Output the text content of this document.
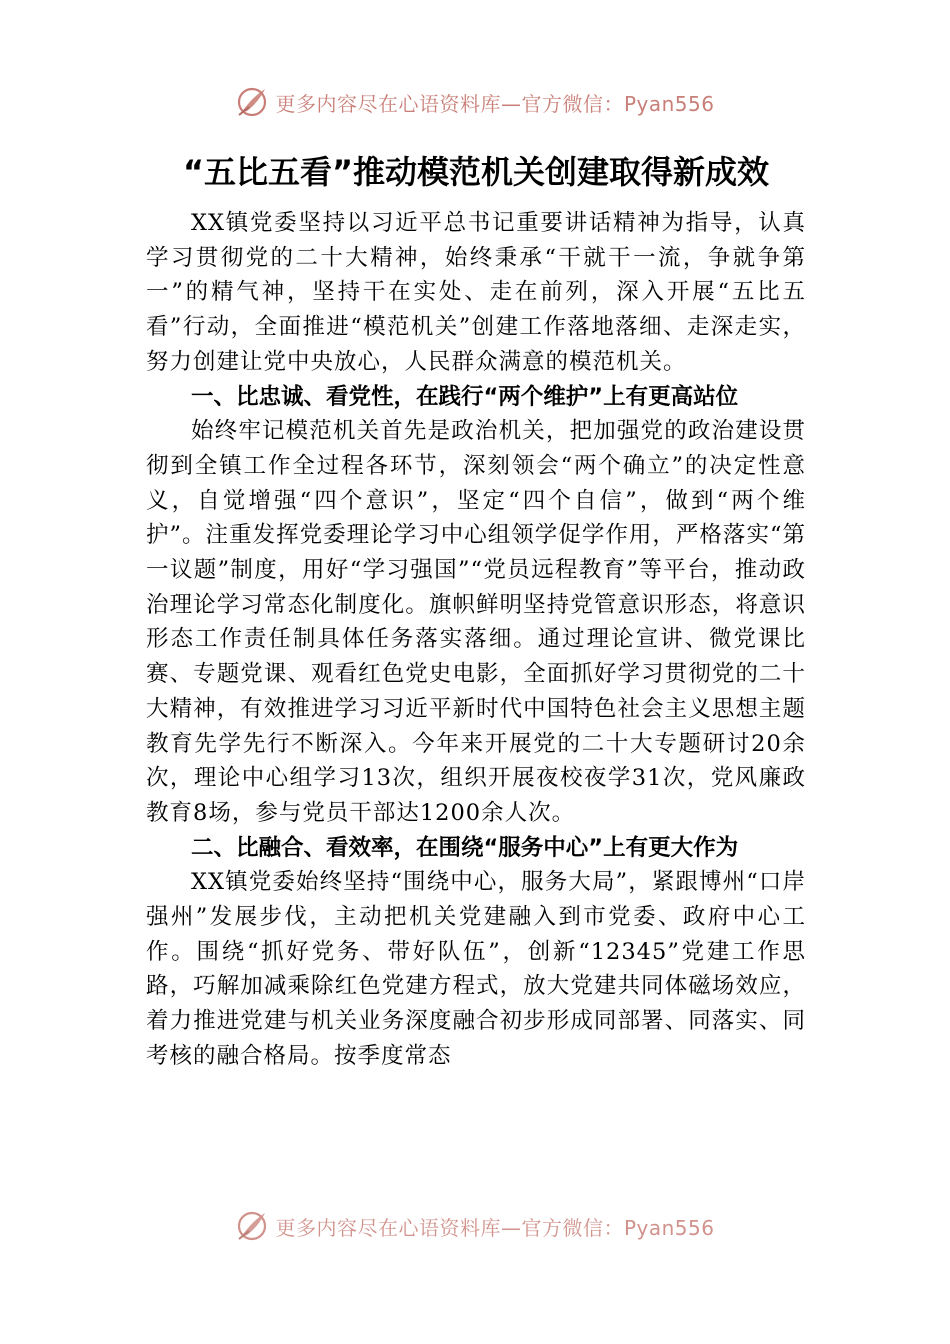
更多内容尽在心语资料库—官方微信：Pyan556
“五比五看”推动模范机关创建取得新成效

XX镇党委坚持以习近平总书记重要讲话精神为指导，认真学习贯彻党的二十大精神，始终秉承“干就干一流，争就争第一”的精气神，坚持干在实处、走在前列，深入开展“五比五看”行动，全面推进“模范机关”创建工作落地落细、走深走实，努力创建让党中央放心，人民群众满意的模范机关。

一、比忠诚、看党性，在践行“两个维护”上有更高站位

始终牢记模范机关首先是政治机关，把加强党的政治建设贯彻到全镇工作全过程各环节，深刻领会“两个确立”的决定性意义，自觉增强“四个意识”，坚定“四个自信”，做到“两个维护”。注重发挥党委理论学习中心组领学促学作用，严格落实“第一议题”制度，用好“学习强国”“党员远程教育”等平台，推动政治理论学习常态化制度化。旗帜鲜明坚持党管意识形态，将意识形态工作责任制具体任务落实落细。通过理论宣讲、微党课比赛、专题党课、观看红色党史电影，全面抓好学习贯彻党的二十大精神，有效推进学习习近平新时代中国特色社会主义思想主题教育先学先行不断深入。今年来开展党的二十大专题研讨20余次，理论中心组学习13次，组织开展夜校夜学31次，党风廉政教育8场，参与党员干部达1200余人次。

二、比融合、看效率，在围绕“服务中心”上有更大作为

XX镇党委始终坚持“围绕中心，服务大局”，紧跟博州“口岸强州”发展步伐，主动把机关党建融入到市党委、政府中心工作。围绕“抓好党务、带好队伍”，创新“12345”党建工作思路，巧解加减乘除红色党建方程式，放大党建共同体磁场效应，着力推进党建与机关业务深度融合初步形成同部署、同落实、同考核的融合格局。按季度常态

更多内容尽在心语资料库—官方微信：Pyan556
